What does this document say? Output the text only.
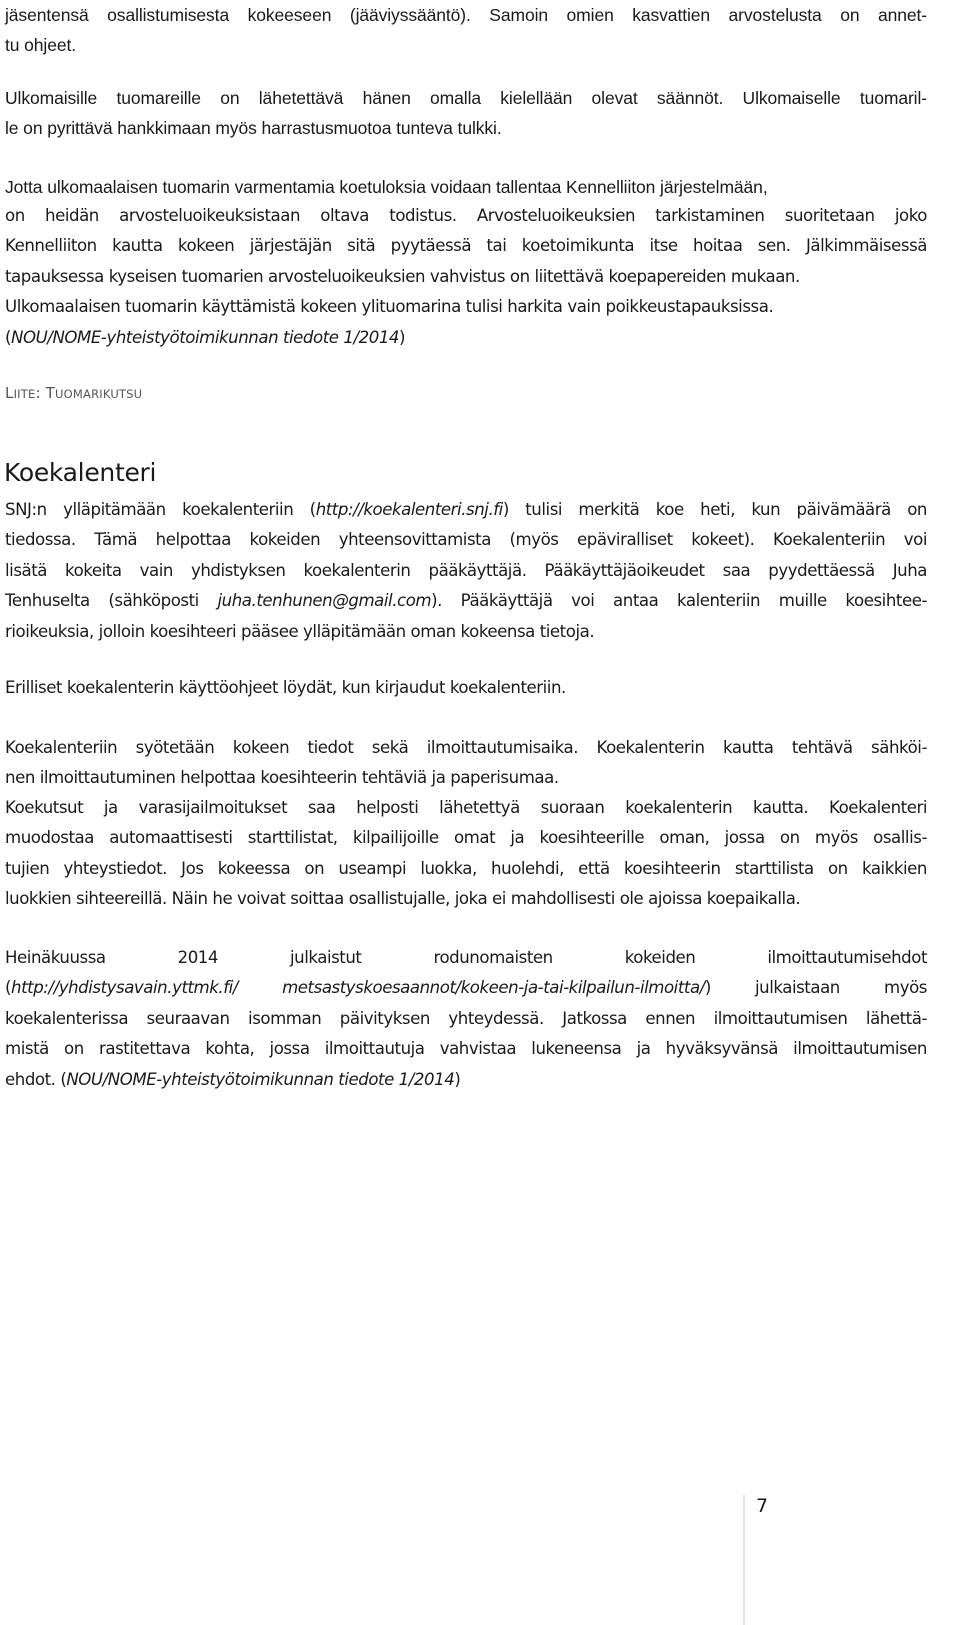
jäsentensä osallistumisesta kokeeseen (jääviyssääntö). Samoin omien kasvattien arvostelusta on annet-
tu ohjeet.
Ulkomaisille tuomareille on lähetettävä hänen omalla kielellään olevat säännöt. Ulkomaiselle tuomaril-
le on pyrittävä hankkimaan myös harrastusmuotoa tunteva tulkki.
Jotta ulkomaalaisen tuomarin varmentamia koetuloksia voidaan tallentaa Kennelliiton järjestelmään,
on heidän arvosteluoikeuksistaan oltava todistus. Arvosteluoikeuksien tarkistaminen suoritetaan joko
Kennelliiton kautta kokeen järjestäjän sitä pyytäessä tai koetoimikunta itse hoitaa sen. Jälkimmäisessä
tapauksessa kyseisen tuomarien arvosteluoikeuksien vahvistus on liitettävä koepapereiden mukaan.
Ulkomaalaisen tuomarin käyttämistä kokeen ylituomarina tulisi harkita vain poikkeustapauksissa.
(NOU/NOME-yhteistyötoimikunnan tiedote 1/2014)
LIITE: TUOMARIKUTSU
Koekalenteri
SNJ:n ylläpitämään koekalenteriin (http://koekalenteri.snj.fi) tulisi merkitä koe heti, kun päivämäärä on
tiedossa. Tämä helpottaa kokeiden yhteensovittamista (myös epäviralliset kokeet). Koekalenteriin voi
lisätä kokeita vain yhdistyksen koekalenterin pääkäyttäjä. Pääkäyttäjäoikeudet saa pyydettäessä Juha
Tenhuselta (sähköposti juha.tenhunen@gmail.com). Pääkäyttäjä voi antaa kalenteriin muille koesihtee-
rioikeuksia, jolloin koesihteeri pääsee ylläpitämään oman kokeensa tietoja.
Erilliset koekalenterin käyttöohjeet löydät, kun kirjaudut koekalenteriin.
Koekalenteriin syötetään kokeen tiedot sekä ilmoittautumisaika. Koekalenterin kautta tehtävä sähköi-
nen ilmoittautuminen helpottaa koesihteerin tehtäviä ja paperisumaa.
Koekutsut ja varasijailmoitukset saa helposti lähetettyä suoraan koekalenterin kautta. Koekalenteri
muodostaa automaattisesti starttilistat, kilpailijoille omat ja koesihteerille oman, jossa on myös osallis-
tujien yhteystiedot. Jos kokeessa on useampi luokka, huolehdi, että koesihteerin starttilista on kaikkien
luokkien sihteereillä. Näin he voivat soittaa osallistujalle, joka ei mahdollisesti ole ajoissa koepaikalla.
Heinäkuussa 2014 julkaistut rodunomaisten kokeiden ilmoittautumisehdot
(http://yhdistysavain.yttmk.fi/ metsastyskoesaannot/kokeen-ja-tai-kilpailun-ilmoitta/) julkaistaan myös
koekalenterissa seuraavan isomman päivityksen yhteydessä. Jatkossa ennen ilmoittautumisen lähettä-
mistä on rastitettava kohta, jossa ilmoittautuja vahvistaa lukeneensa ja hyväksyvänsä ilmoittautumisen
ehdot. (NOU/NOME-yhteistyötoimikunnan tiedote 1/2014)
7
